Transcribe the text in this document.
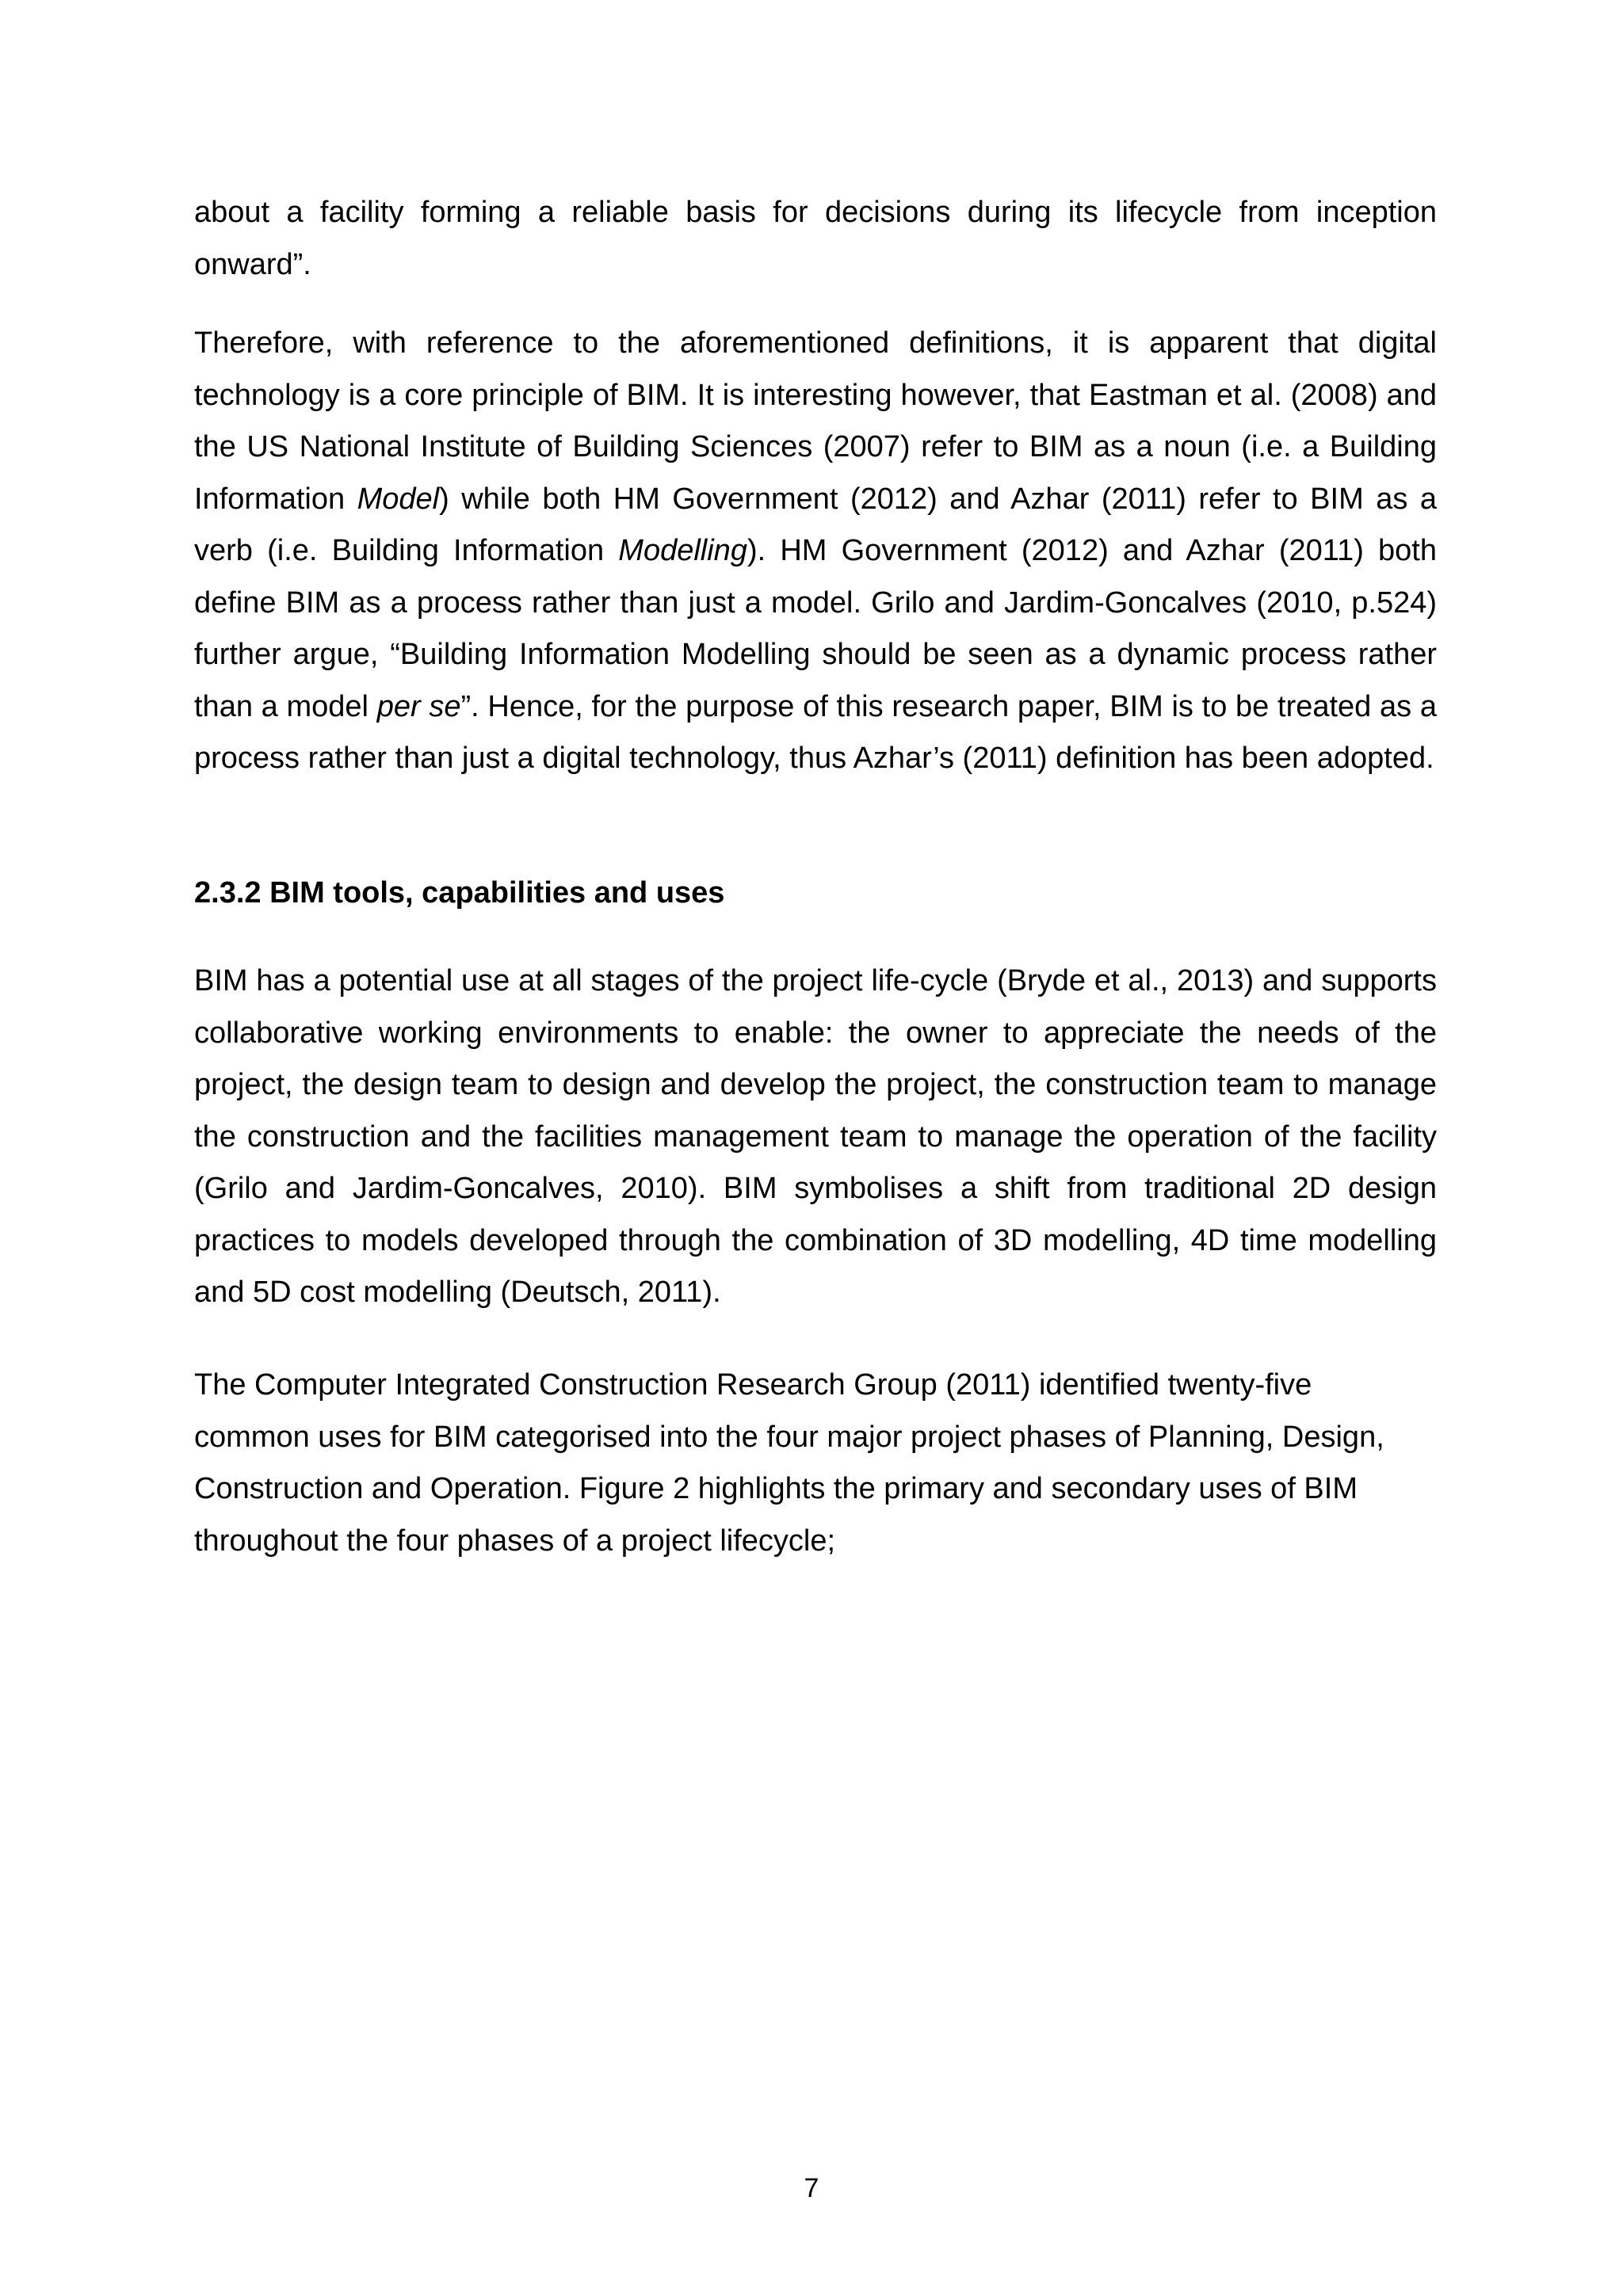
about a facility forming a reliable basis for decisions during its lifecycle from inception onward”.

Therefore, with reference to the aforementioned definitions, it is apparent that digital technology is a core principle of BIM. It is interesting however, that Eastman et al. (2008) and the US National Institute of Building Sciences (2007) refer to BIM as a noun (i.e. a Building Information Model) while both HM Government (2012) and Azhar (2011) refer to BIM as a verb (i.e. Building Information Modelling). HM Government (2012) and Azhar (2011) both define BIM as a process rather than just a model. Grilo and Jardim-Goncalves (2010, p.524) further argue, “Building Information Modelling should be seen as a dynamic process rather than a model per se”. Hence, for the purpose of this research paper, BIM is to be treated as a process rather than just a digital technology, thus Azhar’s (2011) definition has been adopted.

2.3.2 BIM tools, capabilities and uses

BIM has a potential use at all stages of the project life-cycle (Bryde et al., 2013) and supports collaborative working environments to enable: the owner to appreciate the needs of the project, the design team to design and develop the project, the construction team to manage the construction and the facilities management team to manage the operation of the facility (Grilo and Jardim-Goncalves, 2010). BIM symbolises a shift from traditional 2D design practices to models developed through the combination of 3D modelling, 4D time modelling and 5D cost modelling (Deutsch, 2011).

The Computer Integrated Construction Research Group (2011) identified twenty-five
common uses for BIM categorised into the four major project phases of Planning, Design,
Construction and Operation. Figure 2 highlights the primary and secondary uses of BIM
throughout the four phases of a project lifecycle;
7
